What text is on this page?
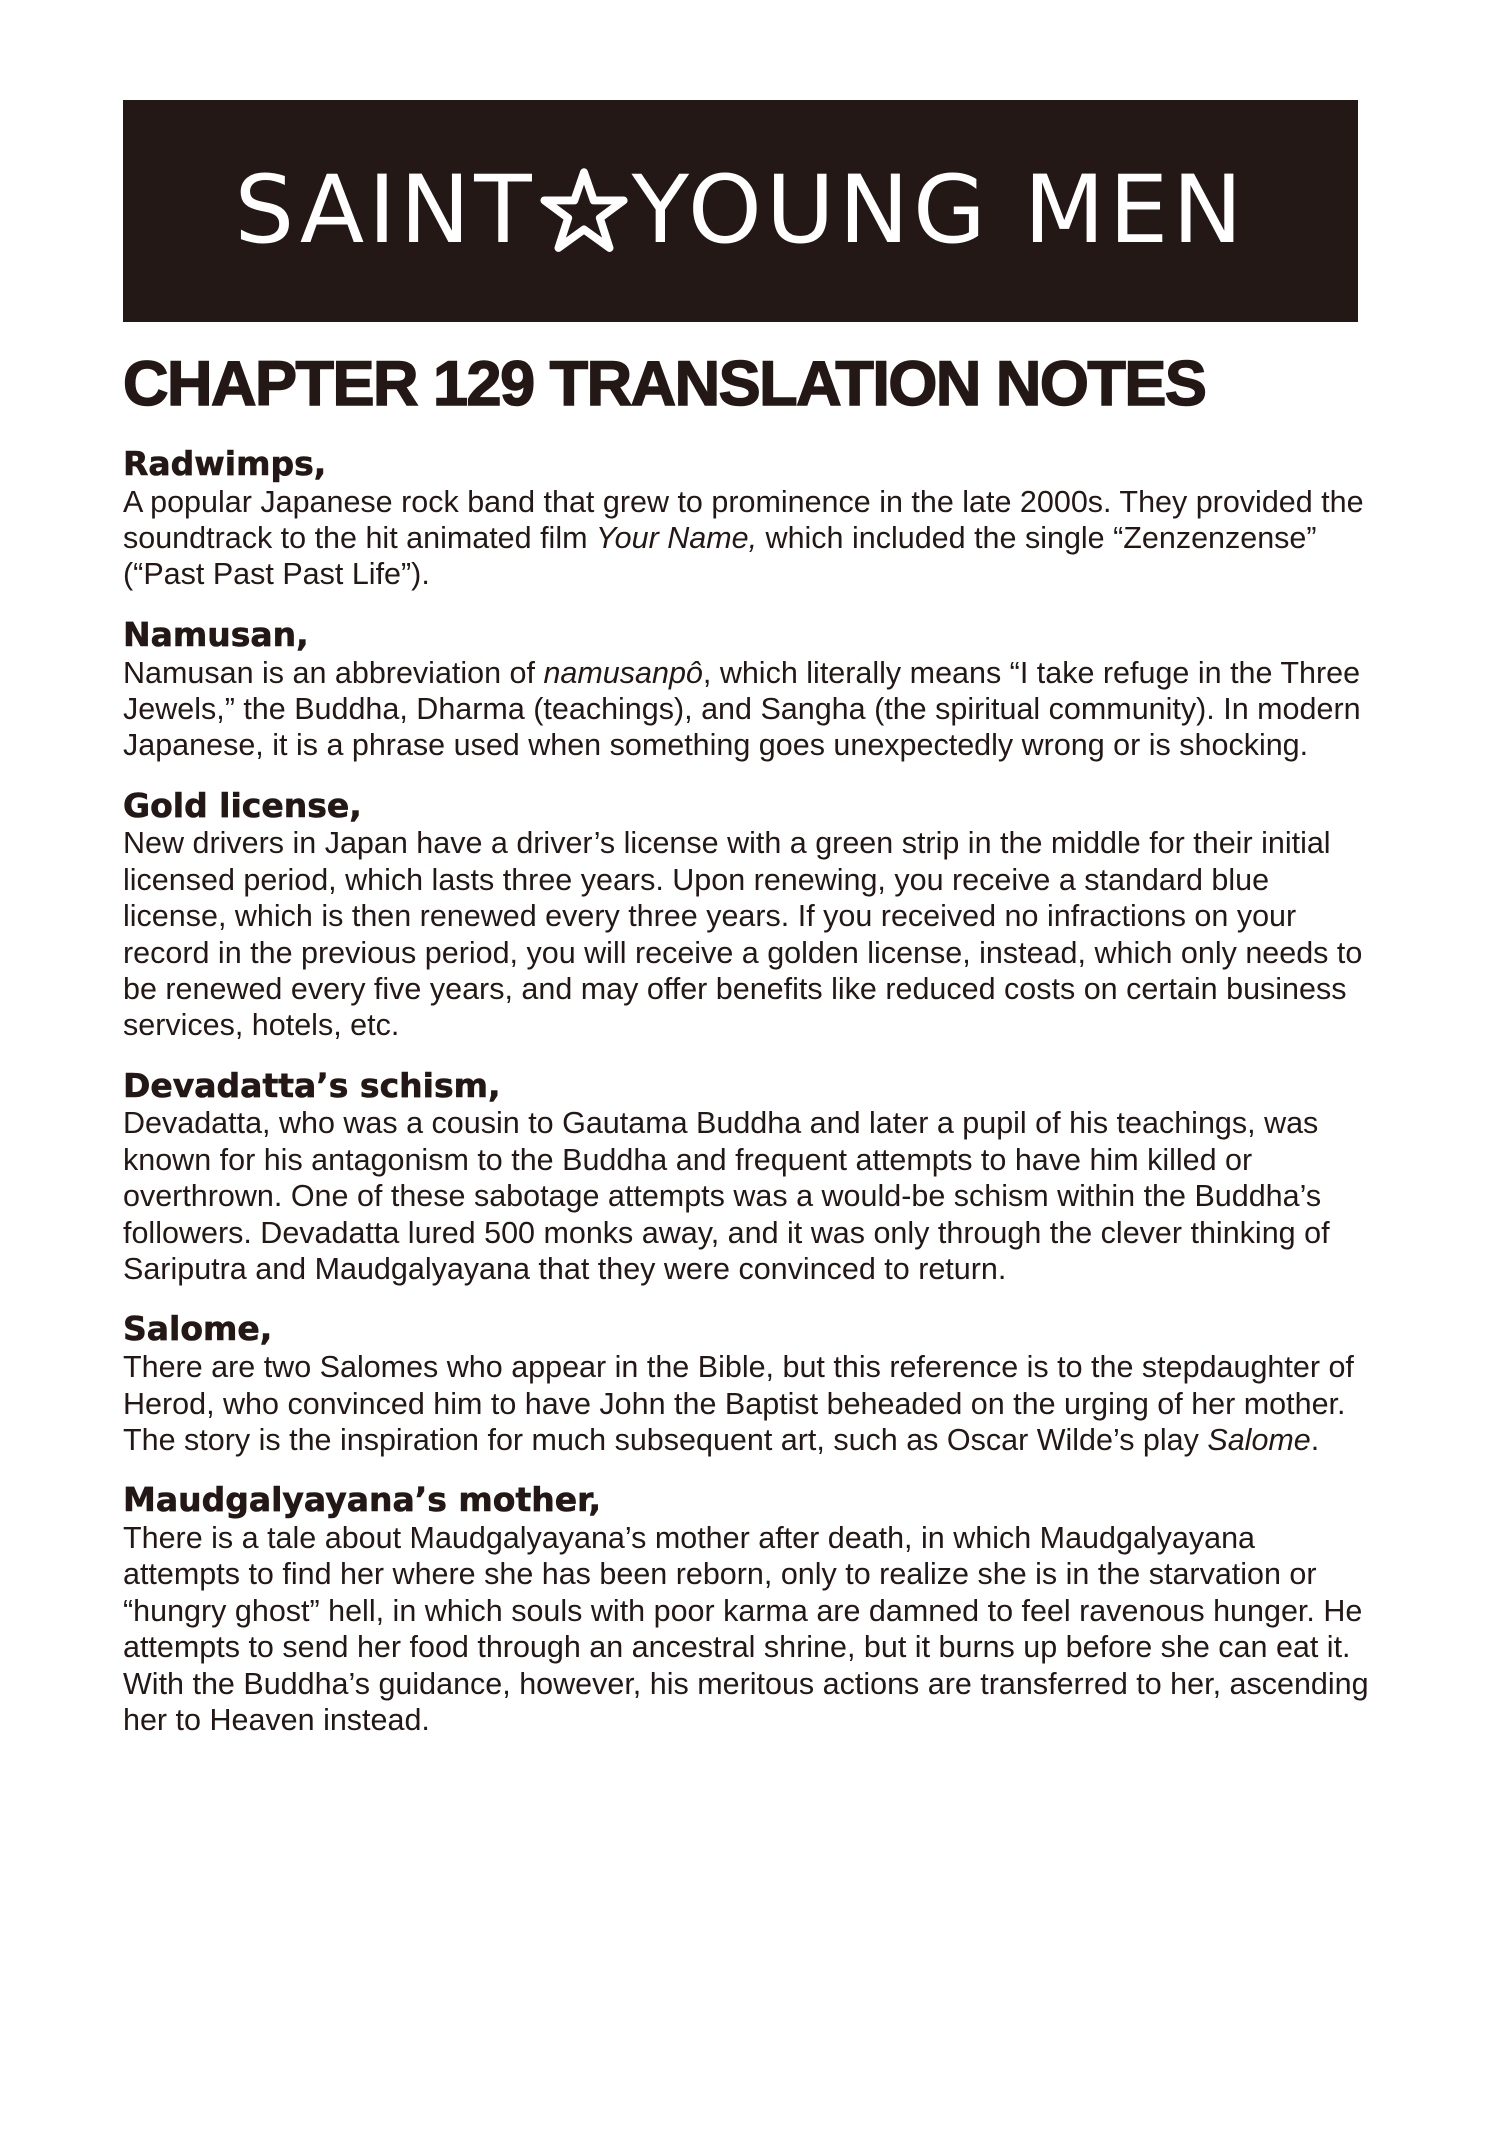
SAINT YOUNG MEN
CHAPTER 129 TRANSLATION NOTES
Radwimps,

A popular Japanese rock band that grew to prominence in the late 2000s. They provided the soundtrack to the hit animated film Your Name, which included the single “Zenzenzense” (“Past Past Past Life”).

Namusan,

Namusan is an abbreviation of namusanpô, which literally means “I take refuge in the Three Jewels,” the Buddha, Dharma (teachings), and Sangha (the spiritual community). In modern Japanese, it is a phrase used when something goes unexpectedly wrong or is shocking.

Gold license,

New drivers in Japan have a driver’s license with a green strip in the middle for their initial licensed period, which lasts three years. Upon renewing, you receive a standard blue license, which is then renewed every three years. If you received no infractions on your record in the previous period, you will receive a golden license, instead, which only needs to be renewed every five years, and may offer benefits like reduced costs on certain business services, hotels, etc.

Devadatta’s schism,

Devadatta, who was a cousin to Gautama Buddha and later a pupil of his teachings, was known for his antagonism to the Buddha and frequent attempts to have him killed or overthrown. One of these sabotage attempts was a would-be schism within the Buddha’s followers. Devadatta lured 500 monks away, and it was only through the clever thinking of Sariputra and Maudgalyayana that they were convinced to return.

Salome,

There are two Salomes who appear in the Bible, but this reference is to the stepdaughter of Herod, who convinced him to have John the Baptist beheaded on the urging of her mother. The story is the inspiration for much subsequent art, such as Oscar Wilde’s play Salome.

Maudgalyayana’s mother,

There is a tale about Maudgalyayana’s mother after death, in which Maudgalyayana attempts to find her where she has been reborn, only to realize she is in the starvation or “hungry ghost” hell, in which souls with poor karma are damned to feel ravenous hunger. He attempts to send her food through an ancestral shrine, but it burns up before she can eat it. With the Buddha’s guidance, however, his meritous actions are transferred to her, ascending her to Heaven instead.
